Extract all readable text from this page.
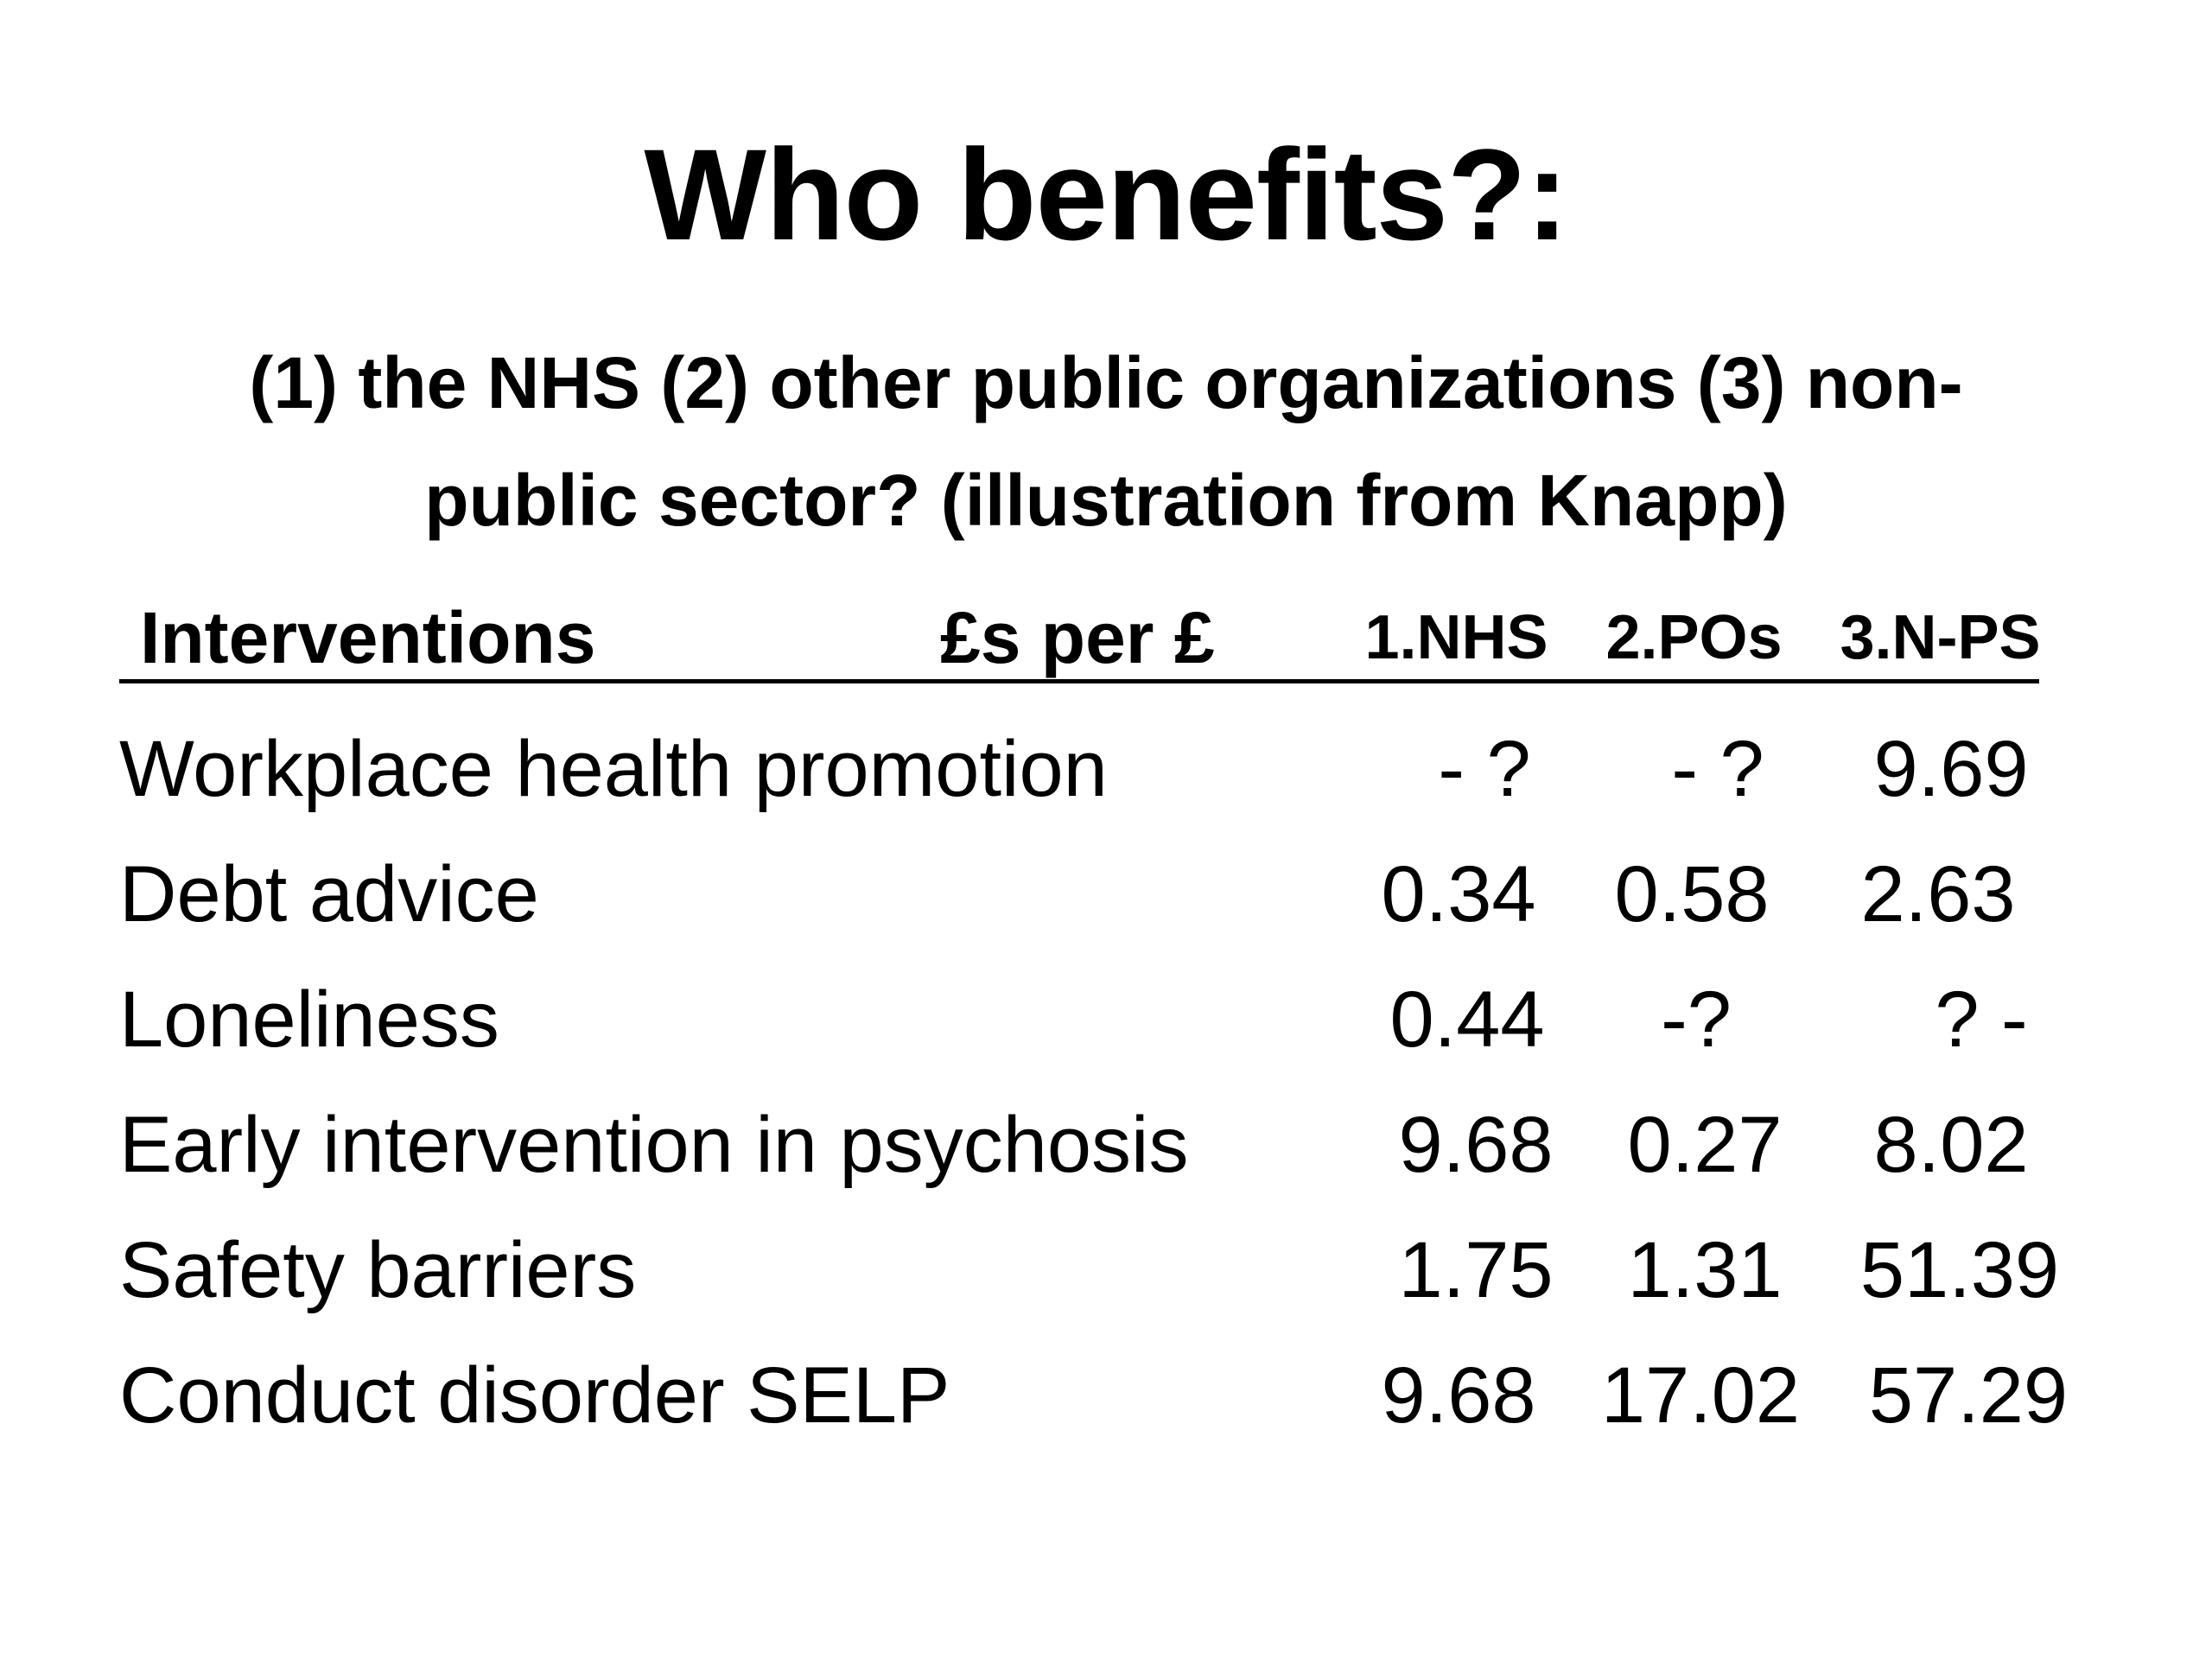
Who benefits?:
(1) the NHS (2) other public organizations (3) non-public sector? (illustration from Knapp)
Interventions	£s per £ 1.NHS 2.POs 3.N-PS
Workplace health promotion	- ?	- ?	9.69
Debt advice	0.34 0.58	2.63
Loneliness	0.44	-?	? -
Early intervention in psychosis	9.68 0.27	8.02
Safety barriers	1.75 1.31 51.39
Conduct disorder SELP	9.68 17.02 57.29
